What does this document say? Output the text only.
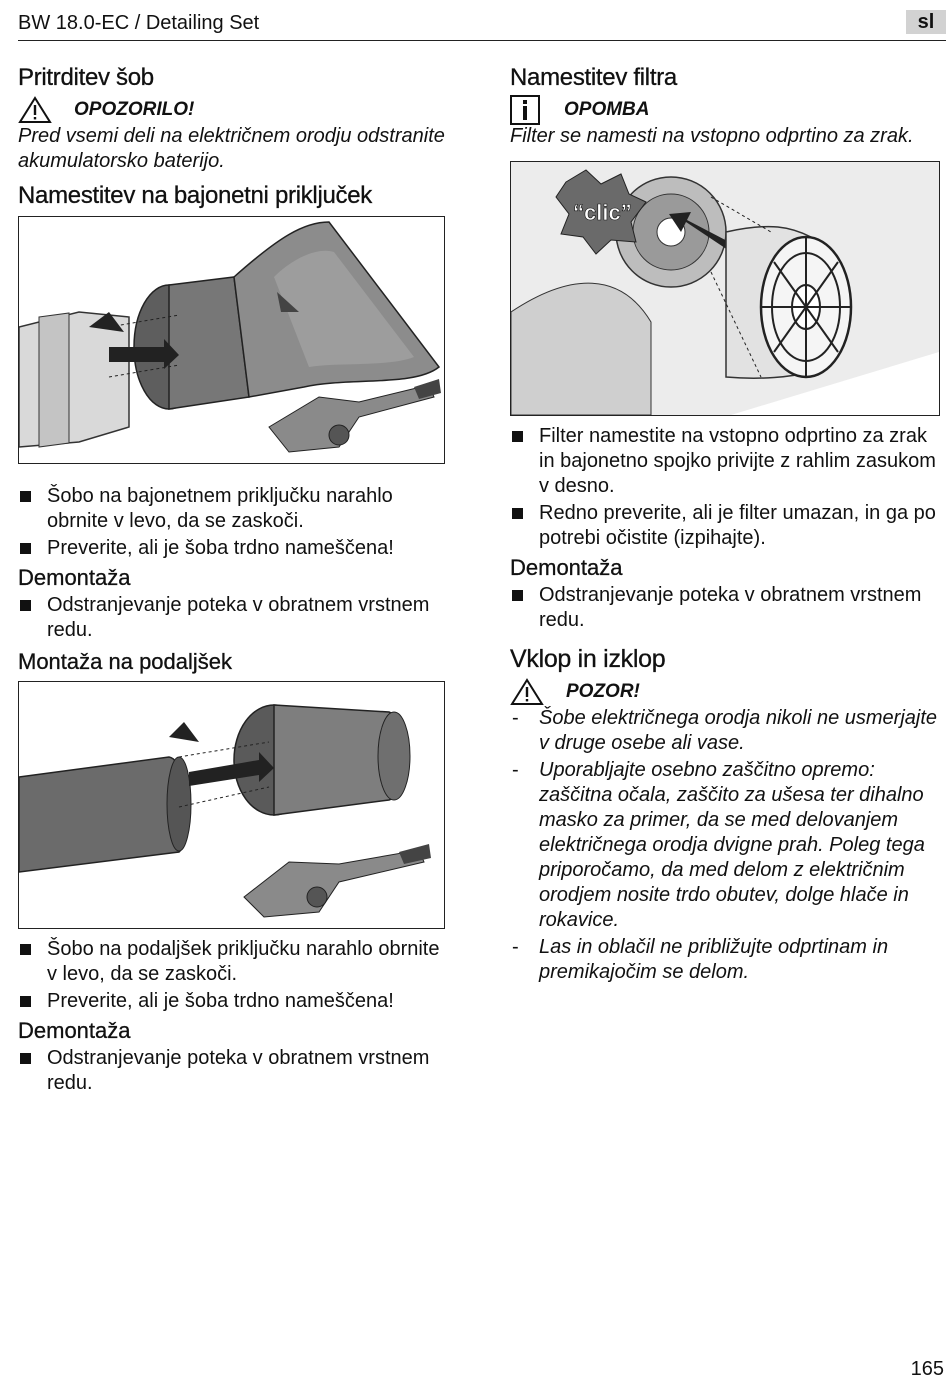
BW 18.0-EC / Detailing Set	sl
Pritrditev šob
OPOZORILO!
Pred vsemi deli na električnem orodju odstranite akumulatorsko baterijo.
Namestitev na bajonetni priključek
Šobo na bajonetnem priključku narahlo obrnite v levo, da se zaskoči.
Preverite, ali je šoba trdno nameščena!
Demontaža
Odstranjevanje poteka v obratnem vrstnem redu.
Montaža na podaljšek
Šobo na podaljšek priključku narahlo obrnite v levo, da se zaskoči.
Preverite, ali je šoba trdno nameščena!
Demontaža
Odstranjevanje poteka v obratnem vrstnem redu.
Namestitev filtra
OPOMBA
Filter se namesti na vstopno odprtino za zrak.
“clic”
Filter namestite na vstopno odprtino za zrak in bajonetno spojko privijte z rahlim zasukom v desno.
Redno preverite, ali je filter umazan, in ga po potrebi očistite (izpihajte).
Demontaža
Odstranjevanje poteka v obratnem vrstnem redu.
Vklop in izklop
POZOR!
- Šobe električnega orodja nikoli ne usmerjajte v druge osebe ali vase.
- Uporabljajte osebno zaščitno opremo: zaščitna očala, zaščito za ušesa ter dihalno masko za primer, da se med delovanjem električnega orodja dvigne prah. Poleg tega priporočamo, da med delom z električnim orodjem nosite trdo obutev, dolge hlače in rokavice.
- Las in oblačil ne približujte odprtinam in premikajočim se delom.
165
